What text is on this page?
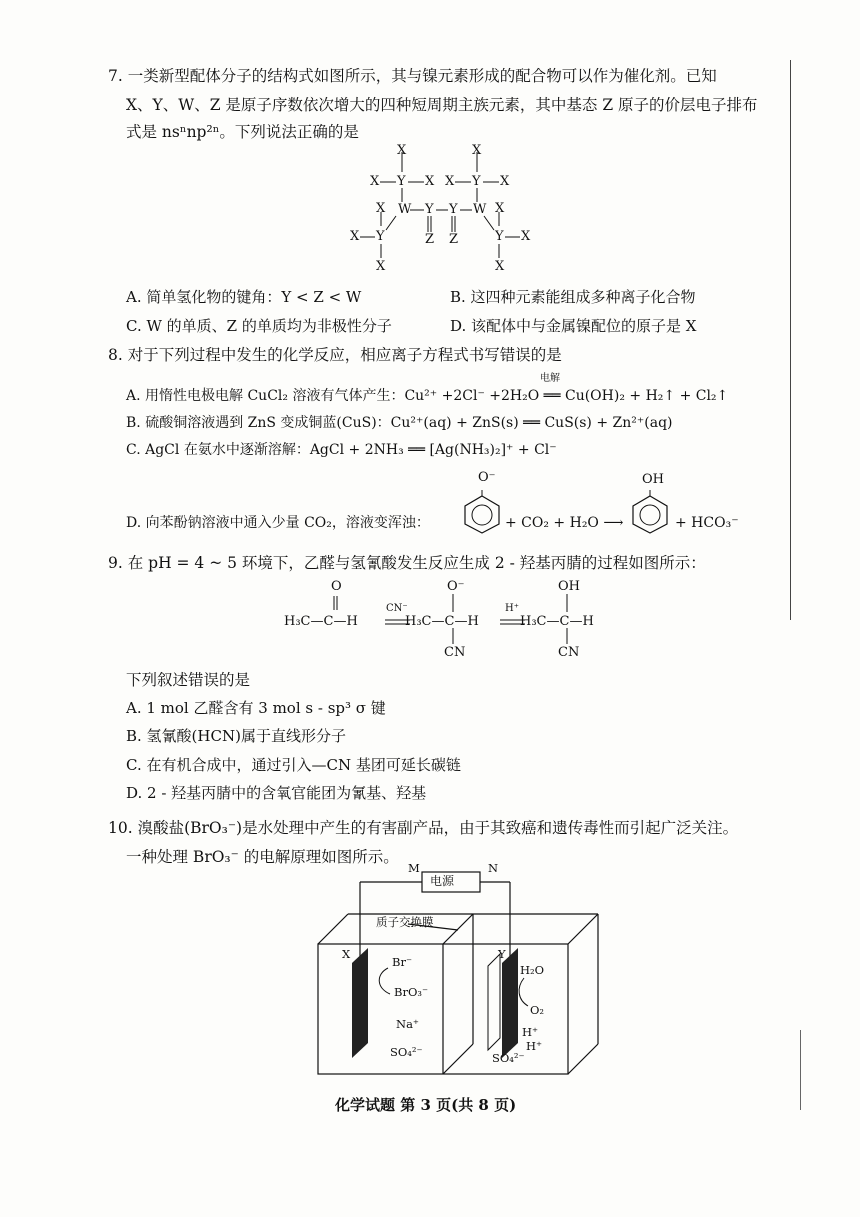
7. 一类新型配体分子的结构式如图所示，其与镍元素形成的配合物可以作为催化剂。已知
X、Y、W、Z 是原子序数依次增大的四种短周期主族元素，其中基态 Z 原子的价层电子排布
式是 nsⁿnp²ⁿ。下列说法正确的是
X
X Y X
X
X Y X
X W Y Y W X
Z Z
X Y
X
Y X
X
A. 简单氢化物的键角：Y < Z < W	B. 这四种元素能组成多种离子化合物
C. W 的单质、Z 的单质均为非极性分子	D. 该配体中与金属镍配位的原子是 X
8. 对于下列过程中发生的化学反应，相应离子方程式书写错误的是
电解
A. 用惰性电极电解 CuCl₂ 溶液有气体产生：Cu²⁺ +2Cl⁻ +2H₂O ══ Cu(OH)₂ + H₂↑ + Cl₂↑
B. 硫酸铜溶液遇到 ZnS 变成铜蓝(CuS)：Cu²⁺(aq) + ZnS(s) ══ CuS(s) + Zn²⁺(aq)
C. AgCl 在氨水中逐渐溶解：AgCl + 2NH₃ ══ [Ag(NH₃)₂]⁺ + Cl⁻
O⁻	OH
D. 向苯酚钠溶液中通入少量 CO₂，溶液变浑浊：	+ CO₂ + H₂O ⟶	+ HCO₃⁻
9. 在 pH = 4 ~ 5 环境下，乙醛与氢氰酸发生反应生成 2 - 羟基丙腈的过程如图所示：
O
H₃C—C—H
CN⁻
O⁻
H₃C—C—H
CN
H⁺
OH
H₃C—C—H
CN
下列叙述错误的是
A. 1 mol 乙醛含有 3 mol s - sp³ σ 键
B. 氢氰酸(HCN)属于直线形分子
C. 在有机合成中，通过引入—CN 基团可延长碳链
D. 2 - 羟基丙腈中的含氧官能团为氰基、羟基
10. 溴酸盐(BrO₃⁻)是水处理中产生的有害副产品，由于其致癌和遗传毒性而引起广泛关注。
一种处理 BrO₃⁻ 的电解原理如图所示。
电源
M	N
质子交换膜
X	Y
Br⁻
BrO₃⁻
Na⁺
SO₄²⁻
H₂O
O₂
H⁺
H⁺
SO₄²⁻
化学试题 第 3 页(共 8 页)
